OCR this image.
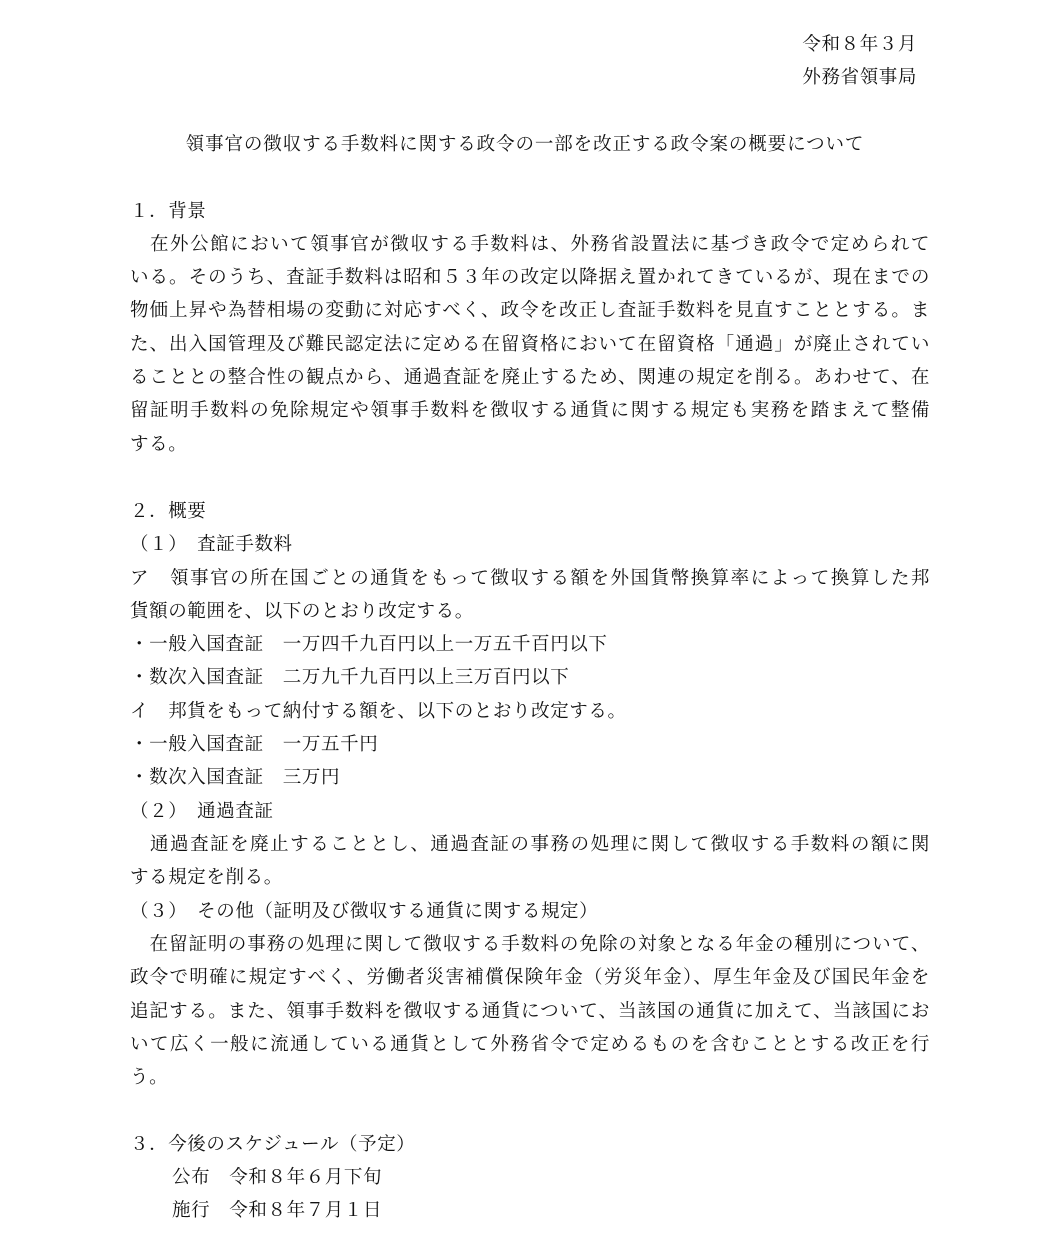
令和８年３月
外務省領事局
領事官の徴収する手数料に関する政令の一部を改正する政令案の概要について
１．背景
　在外公館において領事官が徴収する手数料は、外務省設置法に基づき政令で定められて
いる。そのうち、査証手数料は昭和５３年の改定以降据え置かれてきているが、現在までの
物価上昇や為替相場の変動に対応すべく、政令を改正し査証手数料を見直すこととする。ま
た、出入国管理及び難民認定法に定める在留資格において在留資格「通過」が廃止されてい
ることとの整合性の観点から、通過査証を廃止するため、関連の規定を削る。あわせて、在
留証明手数料の免除規定や領事手数料を徴収する通貨に関する規定も実務を踏まえて整備
する。
２．概要
（１）　査証手数料
ア　領事官の所在国ごとの通貨をもって徴収する額を外国貨幣換算率によって換算した邦
貨額の範囲を、以下のとおり改定する。
・一般入国査証　一万四千九百円以上一万五千百円以下
・数次入国査証　二万九千九百円以上三万百円以下
イ　邦貨をもって納付する額を、以下のとおり改定する。
・一般入国査証　一万五千円
・数次入国査証　三万円
（２）　通過査証
　通過査証を廃止することとし、通過査証の事務の処理に関して徴収する手数料の額に関
する規定を削る。
（３）　その他（証明及び徴収する通貨に関する規定）
　在留証明の事務の処理に関して徴収する手数料の免除の対象となる年金の種別について、
政令で明確に規定すべく、労働者災害補償保険年金（労災年金）、厚生年金及び国民年金を
追記する。また、領事手数料を徴収する通貨について、当該国の通貨に加えて、当該国にお
いて広く一般に流通している通貨として外務省令で定めるものを含むこととする改正を行
う。
３．今後のスケジュール（予定）
公布　令和８年６月下旬
施行　令和８年７月１日
